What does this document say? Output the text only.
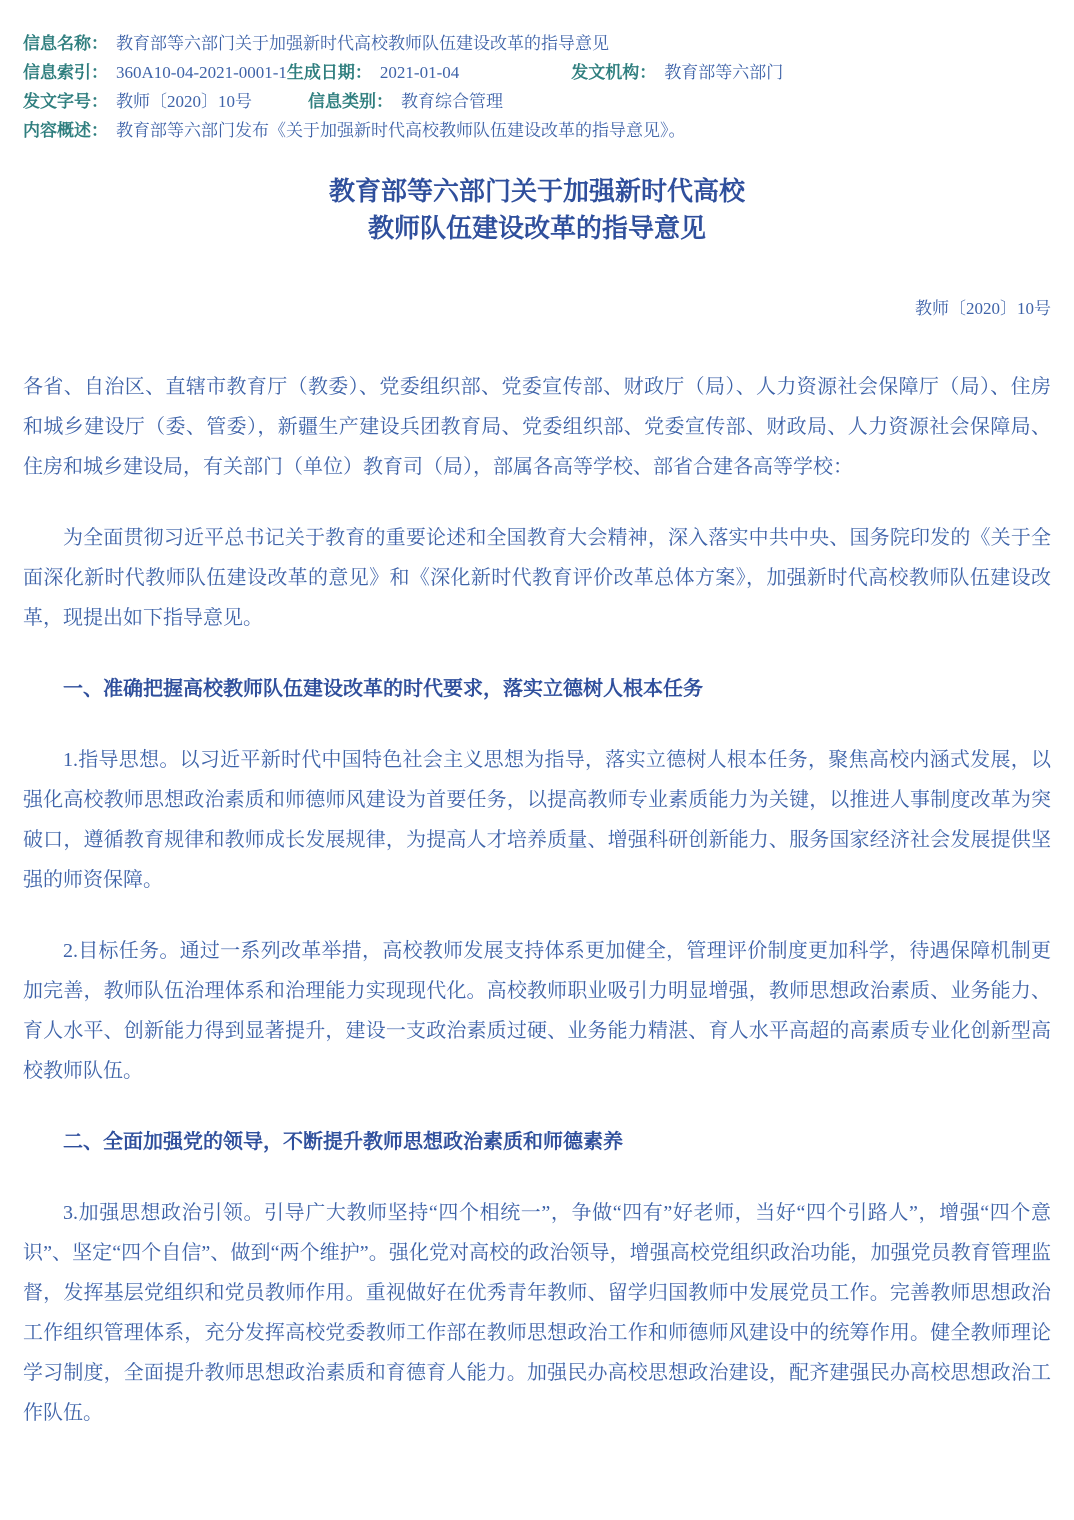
信息名称： 教育部等六部门关于加强新时代高校教师队伍建设改革的指导意见
信息索引： 360A10-04-2021-0001-1生成日期： 2021-01-04	发文机构： 教育部等六部门
发文字号： 教师〔2020〕10号	信息类别： 教育综合管理
内容概述： 教育部等六部门发布《关于加强新时代高校教师队伍建设改革的指导意见》。
教育部等六部门关于加强新时代高校
教师队伍建设改革的指导意见
教师〔2020〕10号

各省、自治区、直辖市教育厅（教委）、党委组织部、党委宣传部、财政厅（局）、人力资源社会保障厅（局）、住房和城乡建设厅（委、管委），新疆生产建设兵团教育局、党委组织部、党委宣传部、财政局、人力资源社会保障局、住房和城乡建设局，有关部门（单位）教育司（局），部属各高等学校、部省合建各高等学校：

为全面贯彻习近平总书记关于教育的重要论述和全国教育大会精神，深入落实中共中央、国务院印发的《关于全面深化新时代教师队伍建设改革的意见》和《深化新时代教育评价改革总体方案》，加强新时代高校教师队伍建设改革，现提出如下指导意见。

一、准确把握高校教师队伍建设改革的时代要求，落实立德树人根本任务

1.指导思想。以习近平新时代中国特色社会主义思想为指导，落实立德树人根本任务，聚焦高校内涵式发展，以强化高校教师思想政治素质和师德师风建设为首要任务，以提高教师专业素质能力为关键，以推进人事制度改革为突破口，遵循教育规律和教师成长发展规律，为提高人才培养质量、增强科研创新能力、服务国家经济社会发展提供坚强的师资保障。

2.目标任务。通过一系列改革举措，高校教师发展支持体系更加健全，管理评价制度更加科学，待遇保障机制更加完善，教师队伍治理体系和治理能力实现现代化。高校教师职业吸引力明显增强，教师思想政治素质、业务能力、育人水平、创新能力得到显著提升，建设一支政治素质过硬、业务能力精湛、育人水平高超的高素质专业化创新型高校教师队伍。

二、全面加强党的领导，不断提升教师思想政治素质和师德素养

3.加强思想政治引领。引导广大教师坚持“四个相统一”，争做“四有”好老师，当好“四个引路人”，增强“四个意识”、坚定“四个自信”、做到“两个维护”。强化党对高校的政治领导，增强高校党组织政治功能，加强党员教育管理监督，发挥基层党组织和党员教师作用。重视做好在优秀青年教师、留学归国教师中发展党员工作。完善教师思想政治工作组织管理体系，充分发挥高校党委教师工作部在教师思想政治工作和师德师风建设中的统筹作用。健全教师理论学习制度，全面提升教师思想政治素质和育德育人能力。加强民办高校思想政治建设，配齐建强民办高校思想政治工作队伍。
